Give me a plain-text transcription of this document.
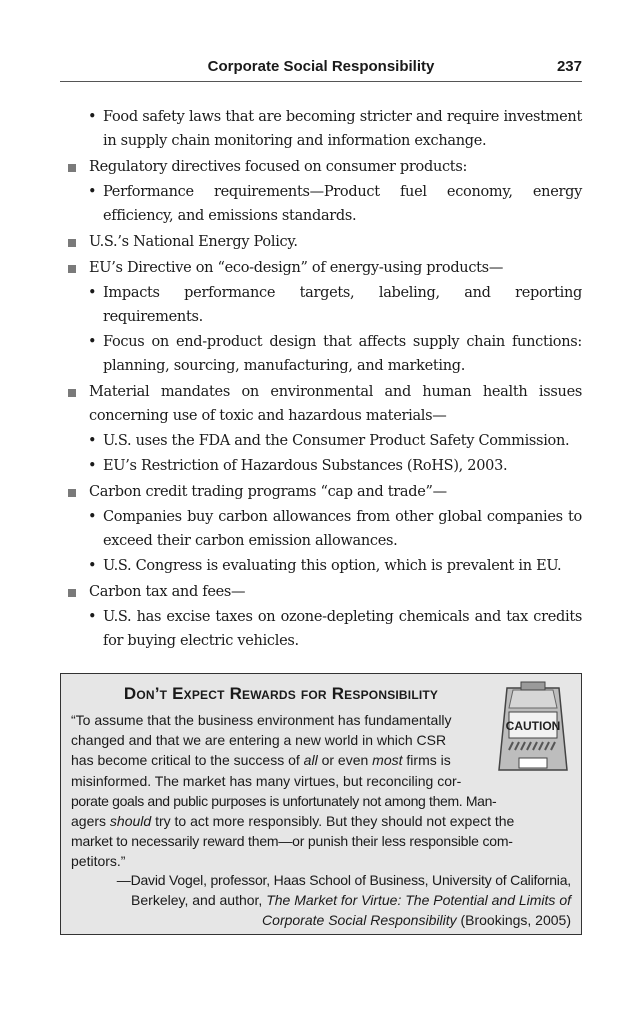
Corporate Social Responsibility	237
• Food safety laws that are becoming stricter and require investment in supply chain monitoring and information exchange.
Regulatory directives focused on consumer products:
• Performance requirements—Product fuel economy, energy efficiency, and emissions standards.
U.S.’s National Energy Policy.
EU’s Directive on “eco-design” of energy-using products—
• Impacts performance targets, labeling, and reporting requirements.
• Focus on end-product design that affects supply chain functions: planning, sourcing, manufacturing, and marketing.
Material mandates on environmental and human health issues concerning use of toxic and hazardous materials—
• U.S. uses the FDA and the Consumer Product Safety Commission.
• EU’s Restriction of Hazardous Substances (RoHS), 2003.
Carbon credit trading programs “cap and trade”—
• Companies buy carbon allowances from other global companies to exceed their carbon emission allowances.
• U.S. Congress is evaluating this option, which is prevalent in EU.
Carbon tax and fees—
• U.S. has excise taxes on ozone-depleting chemicals and tax credits for buying electric vehicles.
Don’t Expect Rewards for Responsibility
CAUTION
“To assume that the business environment has fundamentally
changed and that we are entering a new world in which CSR
has become critical to the success of all or even most firms is
misinformed. The market has many virtues, but reconciling cor-
porate goals and public purposes is unfortunately not among them. Man-
agers should try to act more responsibly. But they should not expect the
market to necessarily reward them—or punish their less responsible com-
petitors.”
—David Vogel, professor, Haas School of Business, University of California,
Berkeley, and author, The Market for Virtue: The Potential and Limits of Corporate Social Responsibility (Brookings, 2005)
